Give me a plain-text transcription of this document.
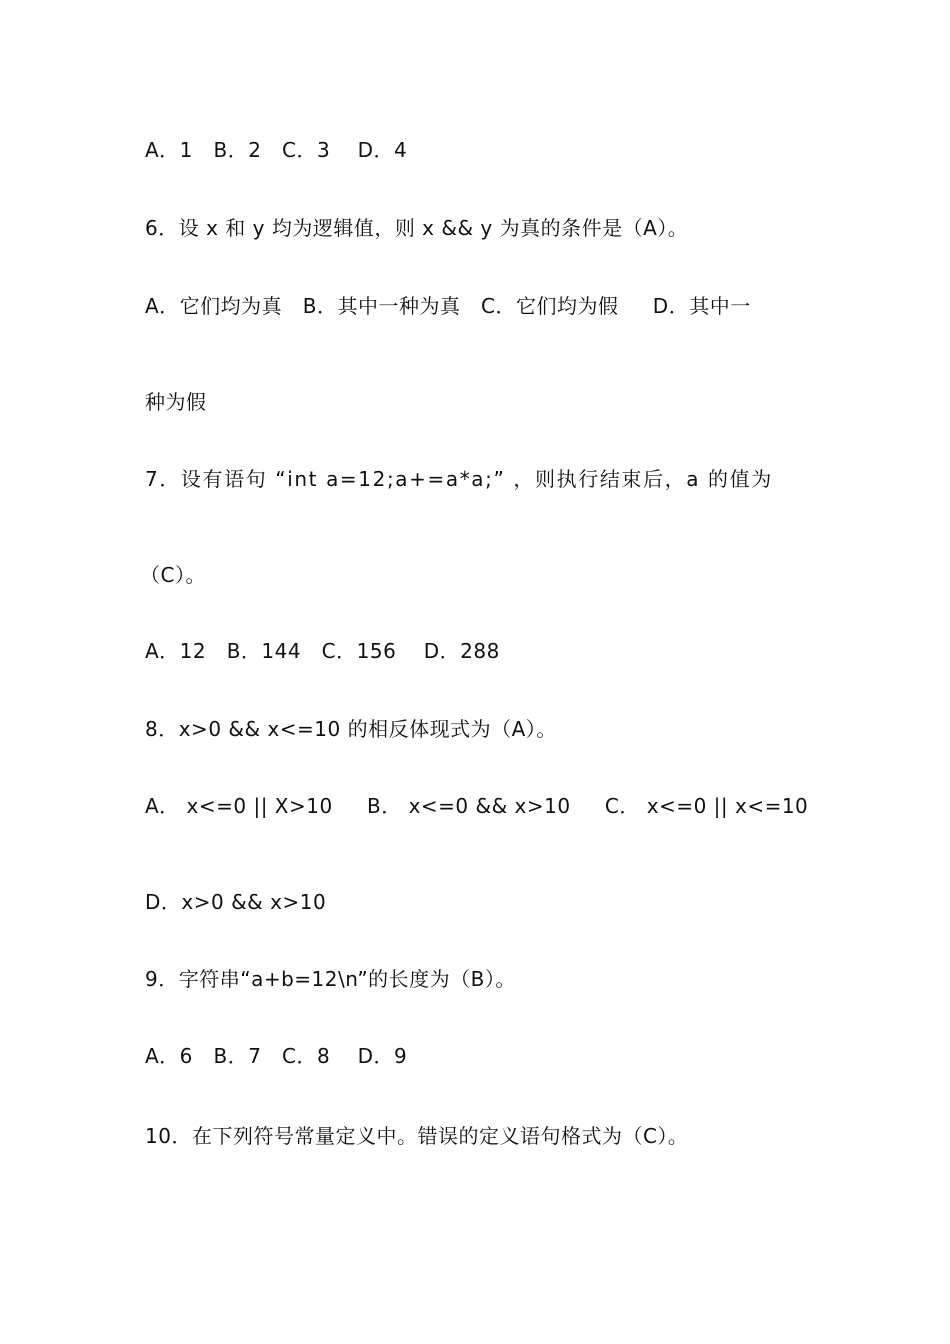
A．1   B．2   C．3    D．4
6．设 x 和 y 均为逻辑值，则 x && y 为真的条件是（A）。
A．它们均为真   B．其中一种为真   C．它们均为假     D．其中一
种为假
7．设有语句 “int a=12;a+=a*a;” ，则执行结束后，a 的值为
（C）。
A．12   B．144   C．156    D．288
8．x>0 && x<=10 的相反体现式为（A）。
A． x<=0 || X>10     B． x<=0 && x>10     C． x<=0 || x<=10
D．x>0 && x>10
9．字符串“a+b=12\n”的长度为（B）。
A．6   B．7   C．8    D．9
10．在下列符号常量定义中。错误的定义语句格式为（C）。
